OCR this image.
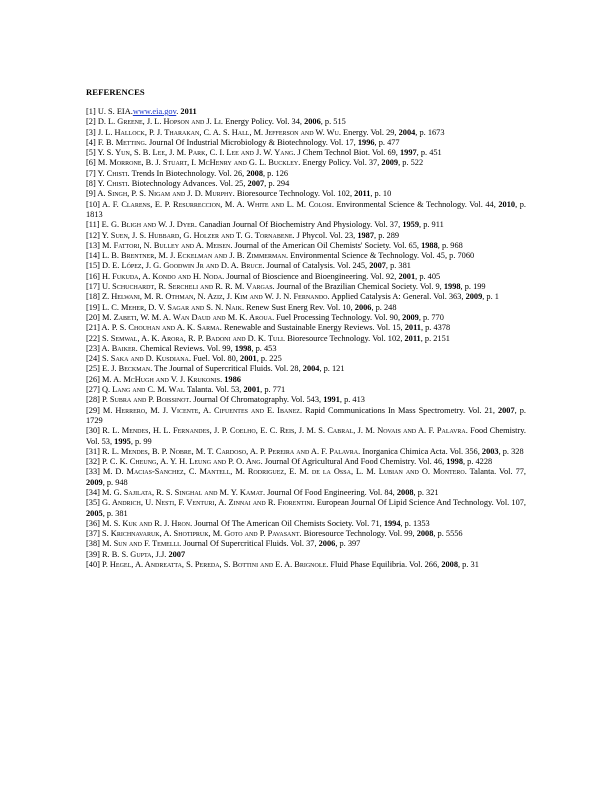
REFERENCES
[1] U. S. EIA.www.eia.gov. 2011
[2] D. L. Greene, J. L. Hopson and J. Li. Energy Policy. Vol. 34, 2006, p. 515
[3] J. L. Hallock, P. J. Tharakan, C. A. S. Hall, M. Jefferson and W. Wu. Energy. Vol. 29, 2004, p. 1673
[4] F. B. Metting. Journal Of Industrial Microbiology & Biotechnology. Vol. 17, 1996, p. 477
[5] Y. S. Yun, S. B. Lee, J. M. Park, C. I. Lee and J. W. Yang. J Chem Technol Biot. Vol. 69, 1997, p. 451
[6] M. Morrone, B. J. Stuart, I. McHenry and G. L. Buckley. Energy Policy. Vol. 37, 2009, p. 522
[7] Y. Chisti. Trends In Biotechnology. Vol. 26, 2008, p. 126
[8] Y. Chisti. Biotechnology Advances. Vol. 25, 2007, p. 294
[9] A. Singh, P. S. Nigam and J. D. Murphy. Bioresource Technology. Vol. 102, 2011, p. 10
[10] A. F. Clarens, E. P. Resurreccion, M. A. White and L. M. Colosi. Environmental Science & Technology. Vol. 44, 2010, p. 1813
[11] E. G. Bligh and W. J. Dyer. Canadian Journal Of Biochemistry And Physiology. Vol. 37, 1959, p. 911
[12] Y. Suen, J. S. Hubbard, G. Holzer and T. G. Tornabene. J Phycol. Vol. 23, 1987, p. 289
[13] M. Fattori, N. Bulley and A. Meisen. Journal of the American Oil Chemists' Society. Vol. 65, 1988, p. 968
[14] L. B. Brentner, M. J. Eckelman and J. B. Zimmerman. Environmental Science & Technology. Vol. 45, p. 7060
[15] D. E. López, J. G. Goodwin Jr and D. A. Bruce. Journal of Catalysis. Vol. 245, 2007, p. 381
[16] H. Fukuda, A. Kondo and H. Noda. Journal of Bioscience and Bioengineering. Vol. 92, 2001, p. 405
[17] U. Schuchardt, R. Sercheli and R. R. M. Vargas. Journal of the Brazilian Chemical Society. Vol. 9, 1998, p. 199
[18] Z. Helwani, M. R. Othman, N. Aziz, J. Kim and W. J. N. Fernando. Applied Catalysis A: General. Vol. 363, 2009, p. 1
[19] L. C. Meher, D. V. Sagar and S. N. Naik. Renew Sust Energ Rev. Vol. 10, 2006, p. 248
[20] M. Zabeti, W. M. A. Wan Daud and M. K. Aroua. Fuel Processing Technology. Vol. 90, 2009, p. 770
[21] A. P. S. Chouhan and A. K. Sarma. Renewable and Sustainable Energy Reviews. Vol. 15, 2011, p. 4378
[22] S. Semwal, A. K. Arora, R. P. Badoni and D. K. Tuli. Bioresource Technology. Vol. 102, 2011, p. 2151
[23] A. Baiker. Chemical Reviews. Vol. 99, 1998, p. 453
[24] S. Saka and D. Kusdiana. Fuel. Vol. 80, 2001, p. 225
[25] E. J. Beckman. The Journal of Supercritical Fluids. Vol. 28, 2004, p. 121
[26] M. A. McHugh and V. J. Krukonis. 1986
[27] Q. Lang and C. M. Wai. Talanta. Vol. 53, 2001, p. 771
[28] P. Subra and P. Boissinot. Journal Of Chromatography. Vol. 543, 1991, p. 413
[29] M. Herrero, M. J. Vicente, A. Cifuentes and E. Ibanez. Rapid Communications In Mass Spectrometry. Vol. 21, 2007, p. 1729
[30] R. L. Mendes, H. L. Fernandes, J. P. Coelho, E. C. Reis, J. M. S. Cabral, J. M. Novais and A. F. Palavra. Food Chemistry. Vol. 53, 1995, p. 99
[31] R. L. Mendes, B. P. Nobre, M. T. Cardoso, A. P. Pereira and A. F. Palavra. Inorganica Chimica Acta. Vol. 356, 2003, p. 328
[32] P. C. K. Cheung, A. Y. H. Leung and P. O. Ang. Journal Of Agricultural And Food Chemistry. Vol. 46, 1998, p. 4228
[33] M. D. Macias-Sanchez, C. Mantell, M. Rodriguez, E. M. de la Ossa, L. M. Lubian and O. Montero. Talanta. Vol. 77, 2009, p. 948
[34] M. G. Sajilata, R. S. Singhal and M. Y. Kamat. Journal Of Food Engineering. Vol. 84, 2008, p. 321
[35] G. Andrich, U. Nesti, F. Venturi, A. Zinnai and R. Fiorentini. European Journal Of Lipid Science And Technology. Vol. 107, 2005, p. 381
[36] M. S. Kuk and R. J. Hron. Journal Of The American Oil Chemists Society. Vol. 71, 1994, p. 1353
[37] S. Krichnavaruk, A. Shotipruk, M. Goto and P. Pavasant. Bioresource Technology. Vol. 99, 2008, p. 5556
[38] M. Sun and F. Temelli. Journal Of Supercritical Fluids. Vol. 37, 2006, p. 397
[39] R. B. S. Gupta, J.J. 2007
[40] P. Hegel, A. Andreatta, S. Pereda, S. Bottini and E. A. Brignole. Fluid Phase Equilibria. Vol. 266, 2008, p. 31
